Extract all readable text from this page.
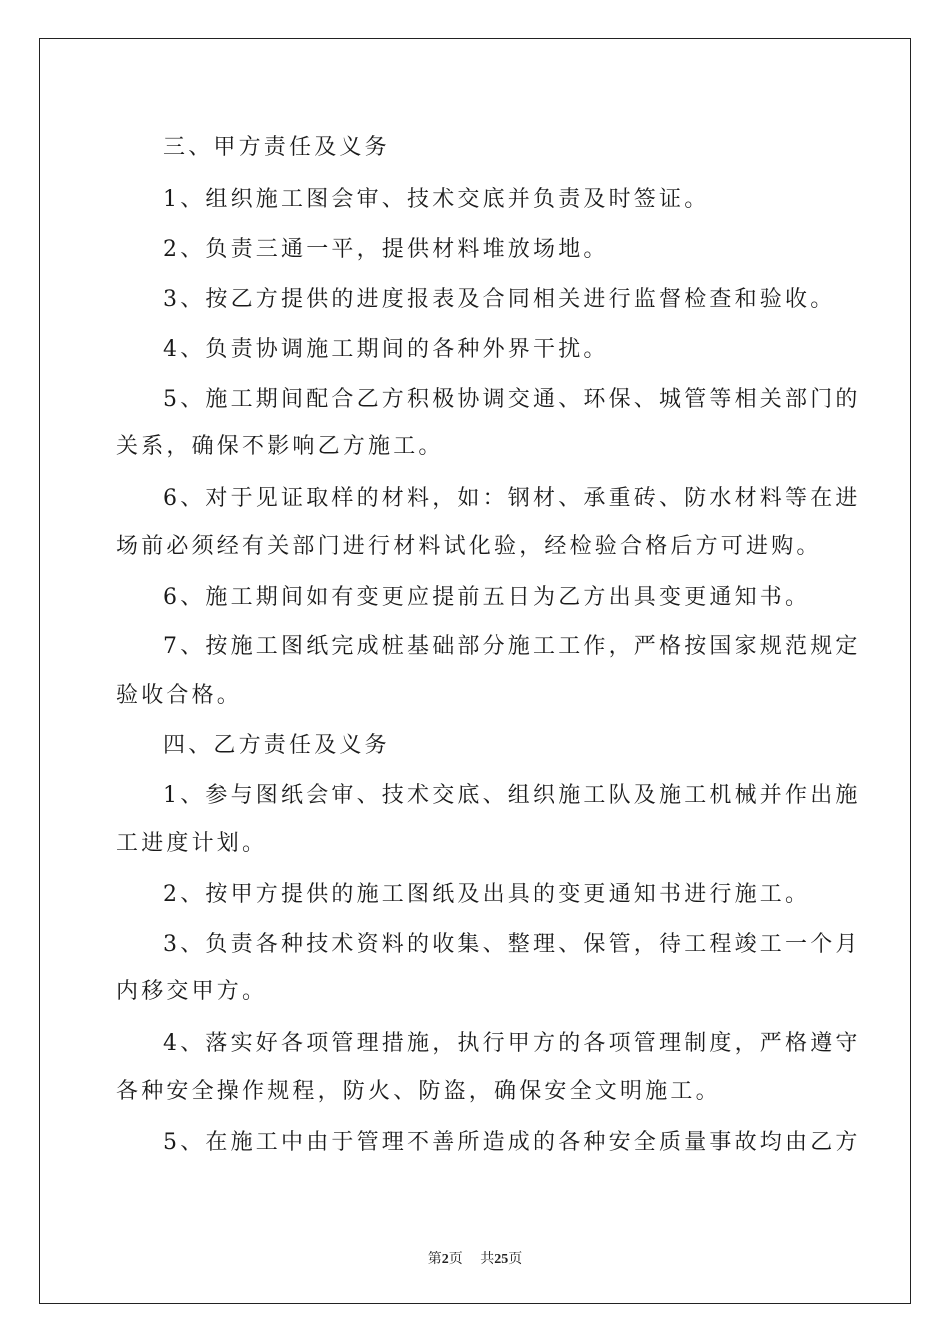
三、甲方责任及义务

1、组织施工图会审、技术交底并负责及时签证。

2、负责三通一平，提供材料堆放场地。

3、按乙方提供的进度报表及合同相关进行监督检查和验收。

4、负责协调施工期间的各种外界干扰。

5、施工期间配合乙方积极协调交通、环保、城管等相关部门的

关系，确保不影响乙方施工。

6、对于见证取样的材料，如：钢材、承重砖、防水材料等在进

场前必须经有关部门进行材料试化验，经检验合格后方可进购。

6、施工期间如有变更应提前五日为乙方出具变更通知书。

7、按施工图纸完成桩基础部分施工工作，严格按国家规范规定

验收合格。

四、乙方责任及义务

1、参与图纸会审、技术交底、组织施工队及施工机械并作出施

工进度计划。

2、按甲方提供的施工图纸及出具的变更通知书进行施工。

3、负责各种技术资料的收集、整理、保管，待工程竣工一个月

内移交甲方。

4、落实好各项管理措施，执行甲方的各项管理制度，严格遵守

各种安全操作规程，防火、防盗，确保安全文明施工。

5、在施工中由于管理不善所造成的各种安全质量事故均由乙方

第2页 共25页
